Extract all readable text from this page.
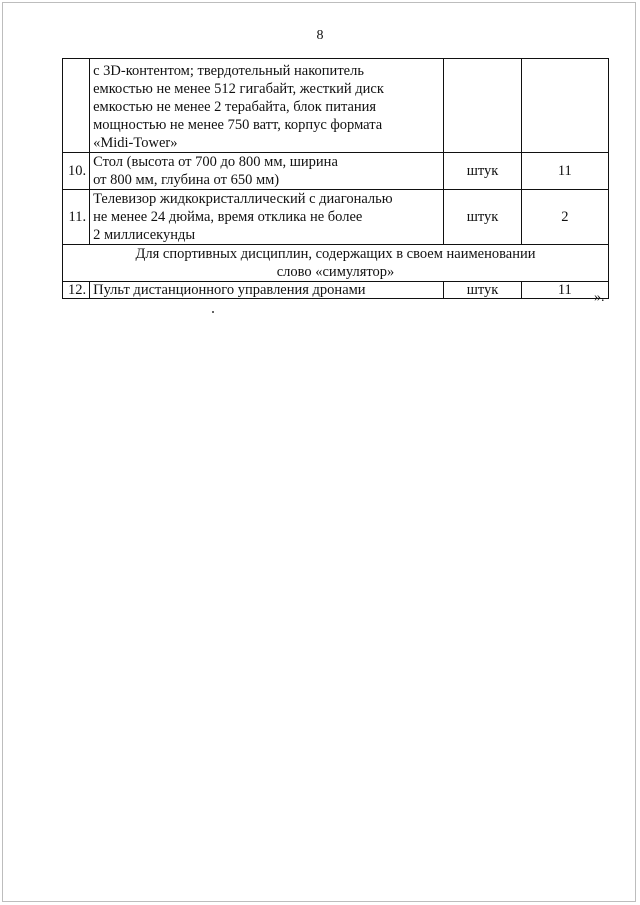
8

	с 3D-контентом; твердотельный накопитель
емкостью не менее 512 гигабайт, жесткий диск
емкостью не менее 2 терабайта, блок питания
мощностью не менее 750 ватт, корпус формата
«Midi-Tower»		

10.	Стол (высота от 700 до 800 мм, ширина
от 800 мм, глубина от 650 мм)	штук	11
11.	Телевизор жидкокристаллический с диагональю
не менее 24 дюйма, время отклика не более
2 миллисекунды	штук	2

Для спортивных дисциплин, содержащих в своем наименовании
слово «симулятор»			

12.	Пульт дистанционного управления дронами	штук	11 ».
